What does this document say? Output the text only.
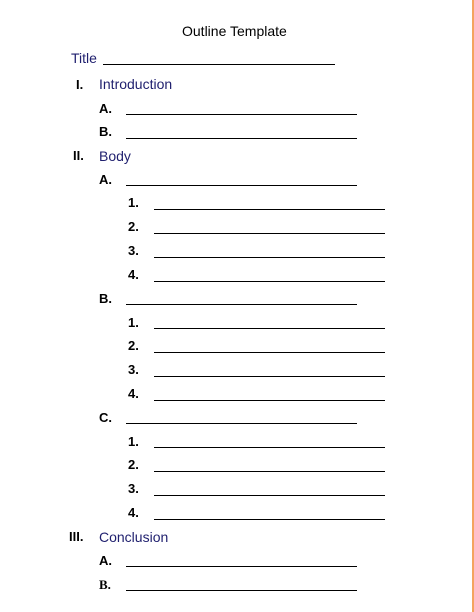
Outline Template
Title
I. Introduction
A.
B.
II. Body
A.
1.
2.
3.
4.
B.
1.
2.
3.
4.
C.
1.
2.
3.
4.
III. Conclusion
A.
B.
